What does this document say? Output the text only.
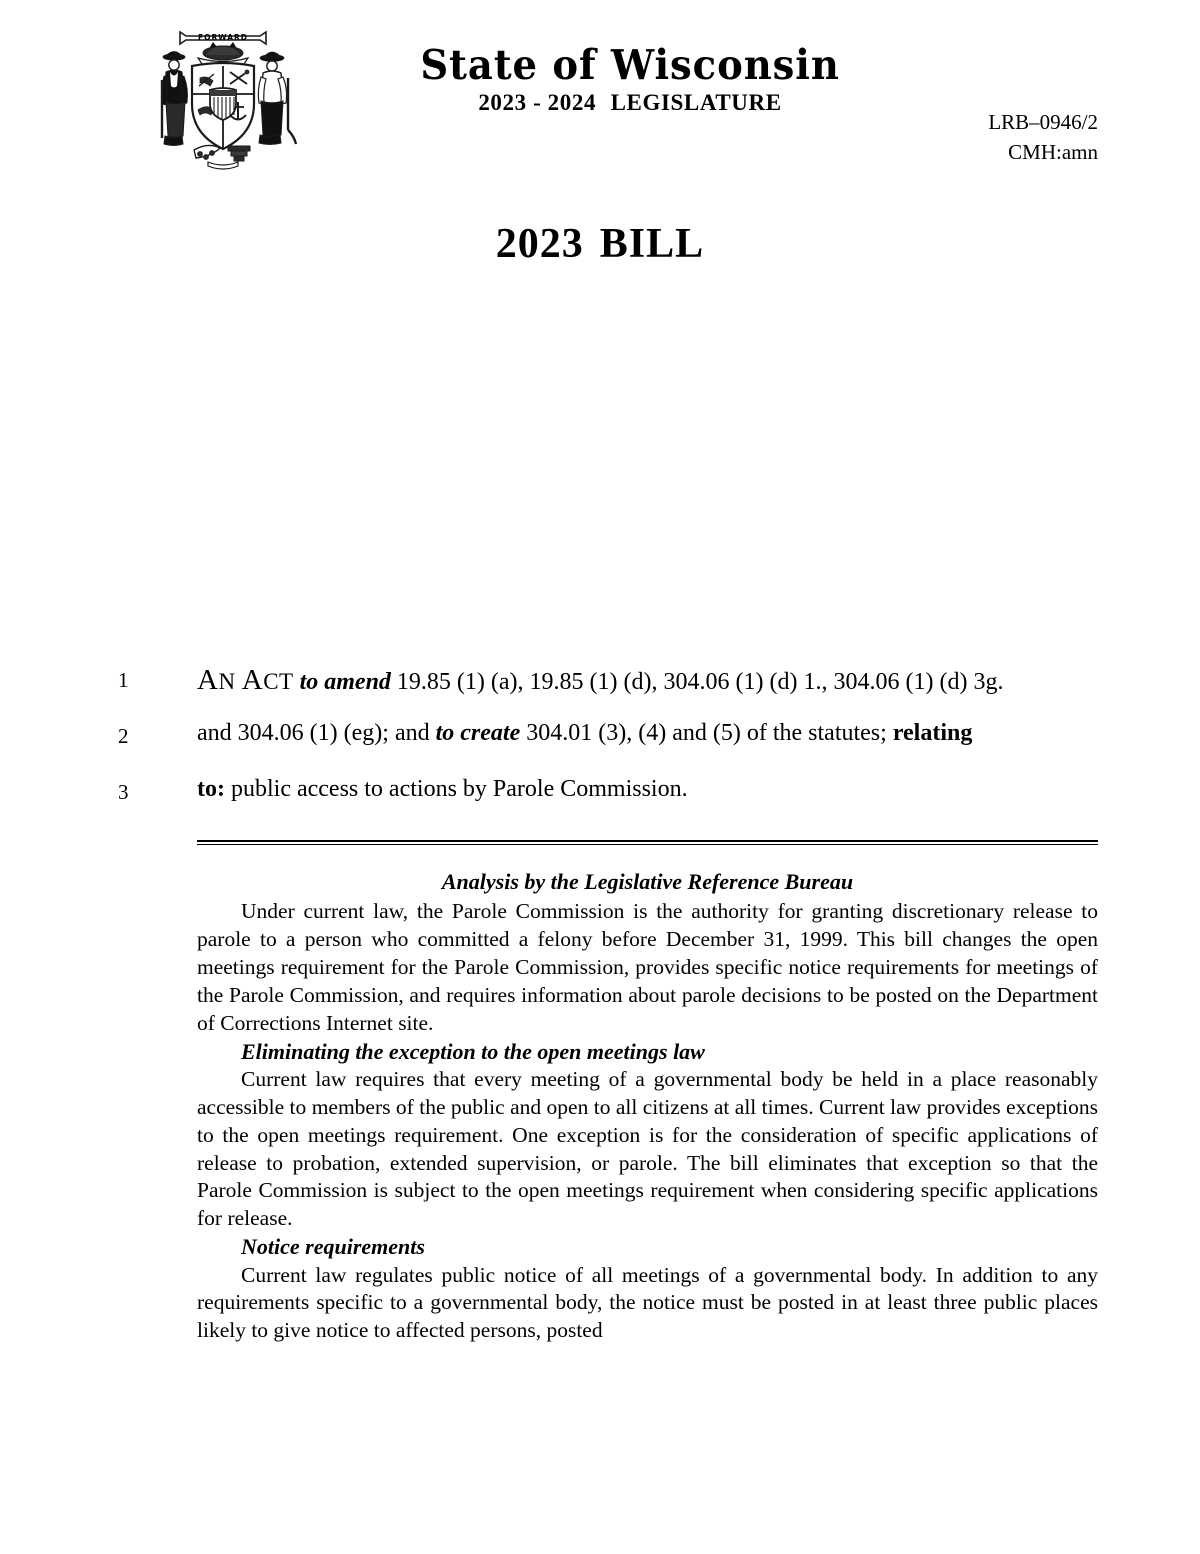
FORWARD
State of Wisconsin
2023 - 2024 LEGISLATURE
LRB–0946/2
CMH:amn
2023 BILL
1	AN ACT to amend 19.85 (1) (a), 19.85 (1) (d), 304.06 (1) (d) 1., 304.06 (1) (d) 3g.
2	and 304.06 (1) (eg); and to create 304.01 (3), (4) and (5) of the statutes; relating
3	to: public access to actions by Parole Commission.
Analysis by the Legislative Reference Bureau

Under current law, the Parole Commission is the authority for granting discretionary release to parole to a person who committed a felony before December 31, 1999. This bill changes the open meetings requirement for the Parole Commission, provides specific notice requirements for meetings of the Parole Commission, and requires information about parole decisions to be posted on the Department of Corrections Internet site.

Eliminating the exception to the open meetings law

Current law requires that every meeting of a governmental body be held in a place reasonably accessible to members of the public and open to all citizens at all times. Current law provides exceptions to the open meetings requirement. One exception is for the consideration of specific applications of release to probation, extended supervision, or parole. The bill eliminates that exception so that the Parole Commission is subject to the open meetings requirement when considering specific applications for release.

Notice requirements

Current law regulates public notice of all meetings of a governmental body. In addition to any requirements specific to a governmental body, the notice must be posted in at least three public places likely to give notice to affected persons, posted
